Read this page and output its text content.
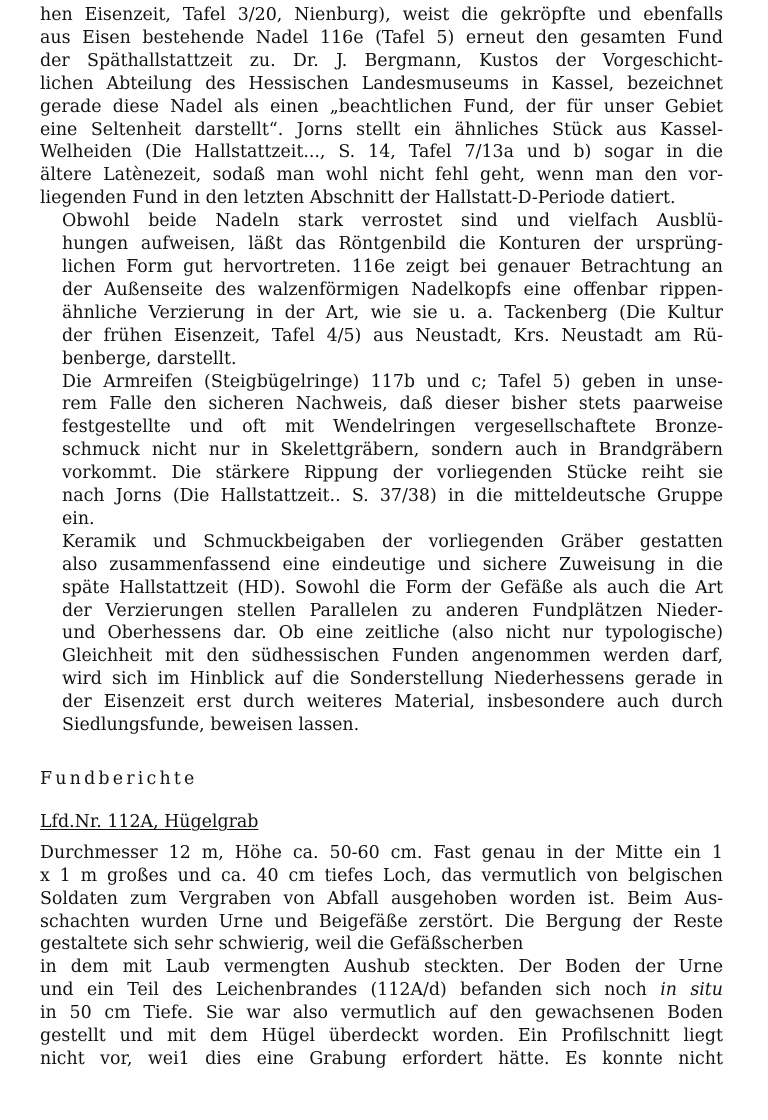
hen Eisenzeit, Tafel 3/20, Nienburg), weist die gekröpfte und ebenfalls
aus Eisen bestehende Nadel 116e (Tafel 5) erneut den gesamten Fund
der Späthallstattzeit zu. Dr. J. Bergmann, Kustos der Vorgeschicht-
lichen Abteilung des Hessischen Landesmuseums in Kassel, bezeichnet
gerade diese Nadel als einen „beachtlichen Fund, der für unser Gebiet
eine Seltenheit darstellt“. Jorns stellt ein ähnliches Stück aus Kassel-
Welheiden (Die Hallstattzeit..., S. 14, Tafel 7/13a und b) sogar in die
ältere Latènezeit, sodaß man wohl nicht fehl geht, wenn man den vor-
liegenden Fund in den letzten Abschnitt der Hallstatt-D-Periode datiert.
Obwohl beide Nadeln stark verrostet sind und vielfach Ausblü-
hungen aufweisen, läßt das Röntgenbild die Konturen der ursprüng-
lichen Form gut hervortreten. 116e zeigt bei genauer Betrachtung an
der Außenseite des walzenförmigen Nadelkopfs eine offenbar rippen-
ähnliche Verzierung in der Art, wie sie u. a. Tackenberg (Die Kultur
der frühen Eisenzeit, Tafel 4/5) aus Neustadt, Krs. Neustadt am Rü-
benberge, darstellt.
Die Armreifen (Steigbügelringe) 117b und c; Tafel 5) geben in unse-
rem Falle den sicheren Nachweis, daß dieser bisher stets paarweise
festgestellte und oft mit Wendelringen vergesellschaftete Bronze-
schmuck nicht nur in Skelettgräbern, sondern auch in Brandgräbern
vorkommt. Die stärkere Rippung der vorliegenden Stücke reiht sie
nach Jorns (Die Hallstattzeit.. S. 37/38) in die mitteldeutsche Gruppe
ein.
Keramik und Schmuckbeigaben der vorliegenden Gräber gestatten
also zusammenfassend eine eindeutige und sichere Zuweisung in die
späte Hallstattzeit (HD). Sowohl die Form der Gefäße als auch die Art
der Verzierungen stellen Parallelen zu anderen Fundplätzen Nieder-
und Oberhessens dar. Ob eine zeitliche (also nicht nur typologische)
Gleichheit mit den südhessischen Funden angenommen werden darf,
wird sich im Hinblick auf die Sonderstellung Niederhessens gerade in
der Eisenzeit erst durch weiteres Material, insbesondere auch durch
Siedlungsfunde, beweisen lassen.
Fundberichte
Lfd.Nr. 112A, Hügelgrab
Durchmesser 12 m, Höhe ca. 50-60 cm. Fast genau in der Mitte ein 1
x 1 m großes und ca. 40 cm tiefes Loch, das vermutlich von belgischen
Soldaten zum Vergraben von Abfall ausgehoben worden ist. Beim Aus-
schachten wurden Urne und Beigefäße zerstört. Die Bergung der Reste
gestaltete sich sehr schwierig, weil die Gefäßscherben
in dem mit Laub vermengten Aushub steckten. Der Boden der Urne
und ein Teil des Leichenbrandes (112A/d) befanden sich noch in situ
in 50 cm Tiefe. Sie war also vermutlich auf den gewachsenen Boden
gestellt und mit dem Hügel überdeckt worden. Ein Profilschnitt liegt
nicht vor, wei1 dies eine Grabung erfordert hätte. Es konnte nicht
